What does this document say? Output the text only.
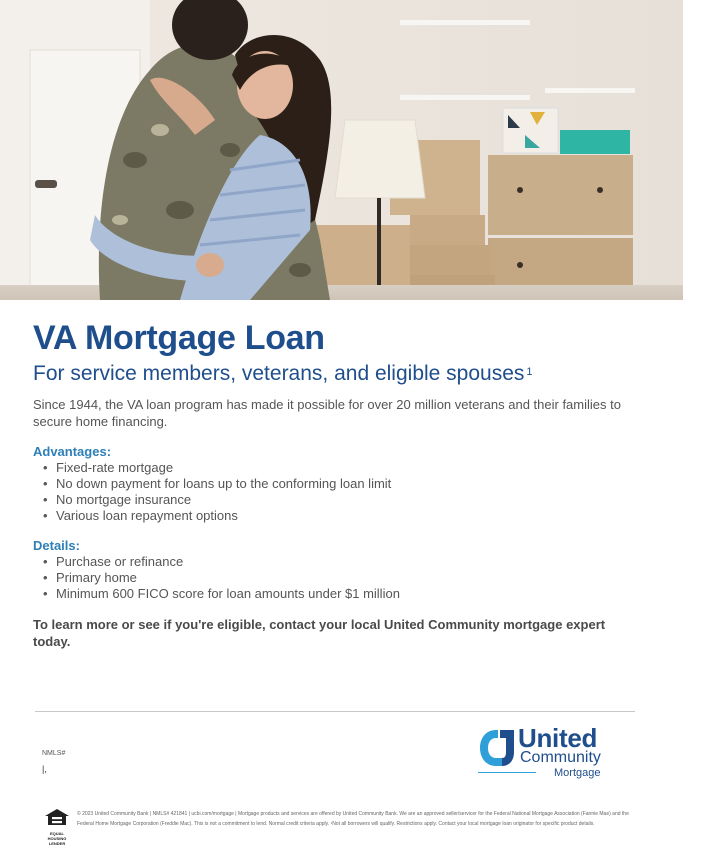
VA Mortgage Loan
For service members, veterans, and eligible spouses $^1$
Since 1944, the VA loan program has made it possible for over 20 million veterans and their families to secure home financing.
Advantages:
• Fixed-rate mortgage
• No down payment for loans up to the conforming loan limit
• No mortgage insurance
• Various loan repayment options
Details:
• Purchase or refinance
• Primary home
• Minimum 600 FICO score for loan amounts under $1 million
To learn more or see if you're eligible, contact your local United Community mortgage expert today.
NMLS#
|,
United
Community
Mortgage
EQUAL HOUSING LENDER
© 2023 United Community Bank | NMLS# 421841 | ucbi.com/mortgage | Mortgage products and services are offered by United Community Bank. We are an approved seller/servicer for the Federal National Mortgage Association (Fannie Mae) and the Federal Home Mortgage Corporation (Freddie Mac). This is not a commitment to lend. Normal credit criteria apply. ¹Not all borrowers will qualify. Restrictions apply. Contact your local mortgage loan originator for specific product details.
